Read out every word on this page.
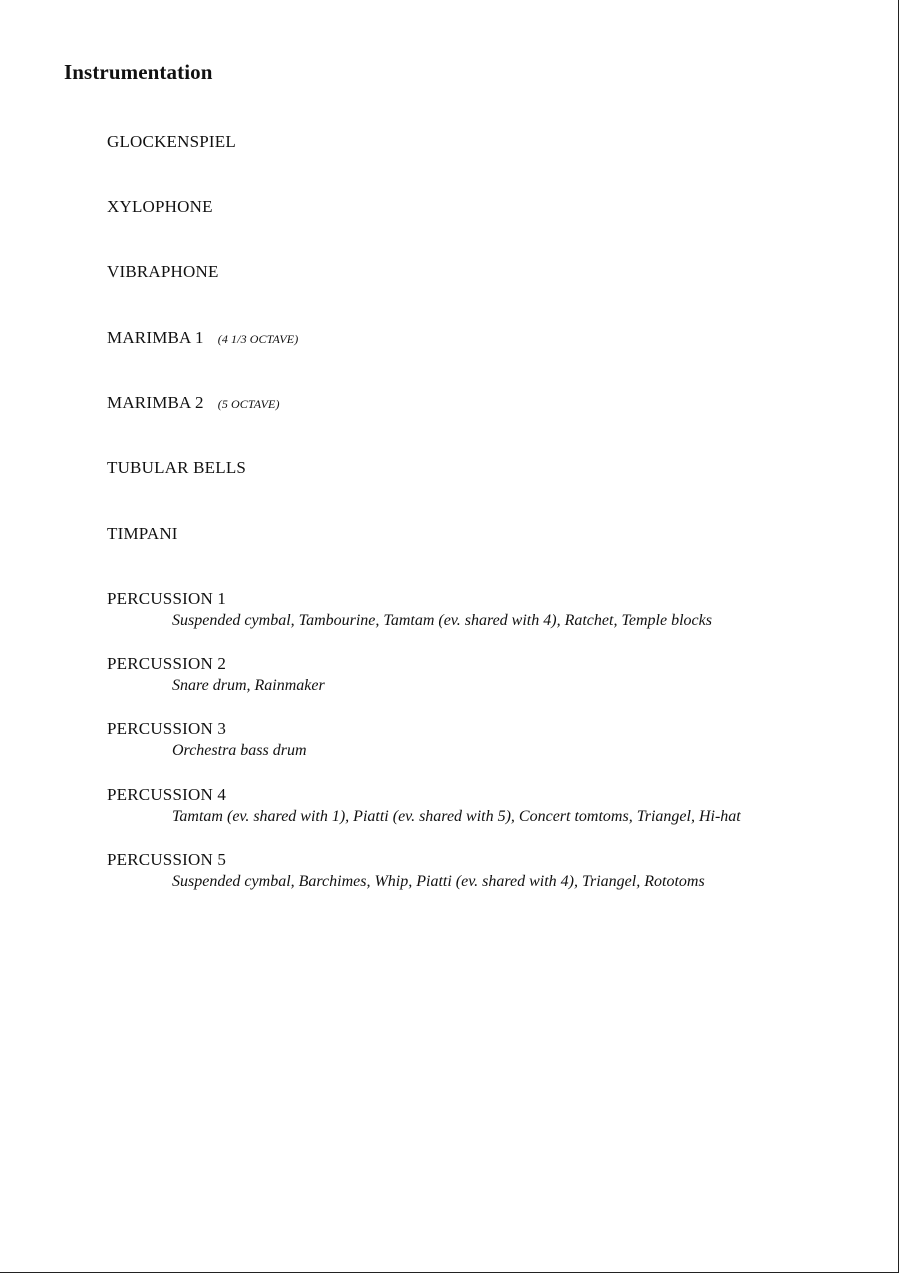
Instrumentation
GLOCKENSPIEL
XYLOPHONE
VIBRAPHONE
MARIMBA 1 (4 1/3 OCTAVE)
MARIMBA 2 (5 OCTAVE)
TUBULAR BELLS
TIMPANI
PERCUSSION 1
Suspended cymbal, Tambourine, Tamtam (ev. shared with 4), Ratchet, Temple blocks
PERCUSSION 2
Snare drum, Rainmaker
PERCUSSION 3
Orchestra bass drum
PERCUSSION 4
Tamtam (ev. shared with 1), Piatti (ev. shared with 5), Concert tomtoms, Triangel, Hi-hat
PERCUSSION 5
Suspended cymbal, Barchimes, Whip, Piatti (ev. shared with 4), Triangel, Rototoms
